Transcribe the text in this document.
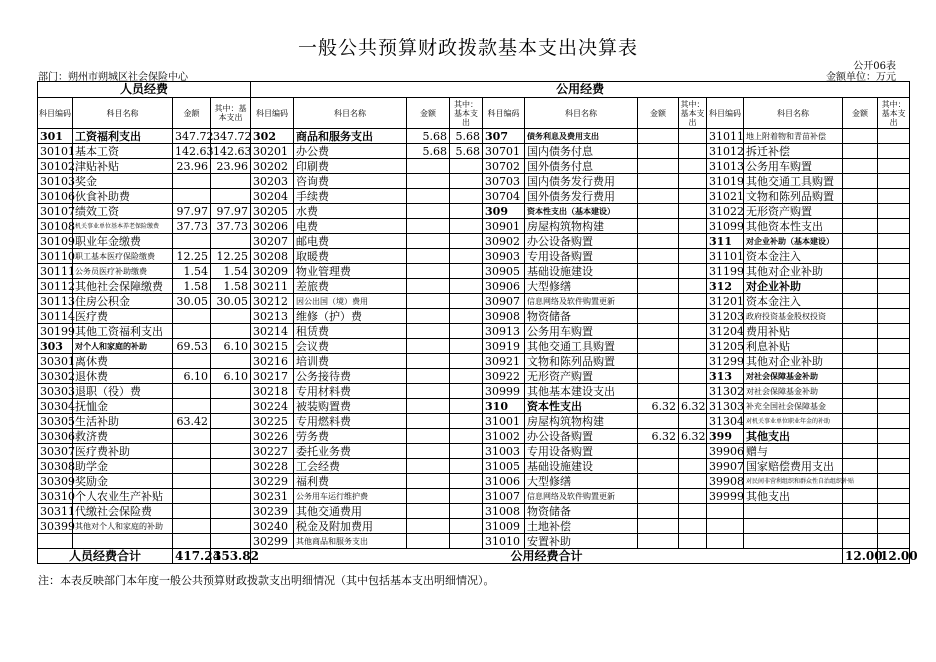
一般公共预算财政拨款基本支出决算表
公开06表
部门：朔州市朔城区社会保险中心	金额单位：万元
人员经费				公用经费											
科目编码	科目名称	金额	其中：基本支出	科目编码	科目名称	金额	其中：基本支出	科目编码	科目名称	金额	其中：基本支出	科目编码	科目名称	金额	其中：基本支出
301	工资福利支出	347.72	347.72	302	商品和服务支出	5.68	5.68	307	债务利息及费用支出			31011	地上附着物和青苗补偿		
30101	基本工资	142.63	142.63	30201	办公费	5.68	5.68	30701	国内债务付息			31012	拆迁补偿		
30102	津贴补贴	23.96	23.96	30202	印刷费			30702	国外债务付息			31013	公务用车购置		
30103	奖金			30203	咨询费			30703	国内债务发行费用			31019	其他交通工具购置		
30106	伙食补助费			30204	手续费			30704	国外债务发行费用			31021	文物和陈列品购置		
30107	绩效工资	97.97	97.97	30205	水费			309	资本性支出（基本建设）			31022	无形资产购置		
30108	机关事业单位基本养老保险缴费	37.73	37.73	30206	电费			30901	房屋构筑物构建			31099	其他资本性支出		
30109	职业年金缴费			30207	邮电费			30902	办公设备购置			311	对企业补助（基本建设）		
30110	职工基本医疗保险缴费	12.25	12.25	30208	取暖费			30903	专用设备购置			31101	资本金注入		
30111	公务员医疗补助缴费	1.54	1.54	30209	物业管理费			30905	基础设施建设			31199	其他对企业补助		
30112	其他社会保障缴费	1.58	1.58	30211	差旅费			30906	大型修缮			312	对企业补助		
30113	住房公积金	30.05	30.05	30212	因公出国（境）费用			30907	信息网络及软件购置更新			31201	资本金注入		
30114	医疗费			30213	维修（护）费			30908	物资储备			31203	政府投资基金股权投资		
30199	其他工资福利支出			30214	租赁费			30913	公务用车购置			31204	费用补贴		
303	对个人和家庭的补助	69.53	6.10	30215	会议费			30919	其他交通工具购置			31205	利息补贴		
30301	离休费			30216	培训费			30921	文物和陈列品购置			31299	其他对企业补助		
30302	退休费	6.10	6.10	30217	公务接待费			30922	无形资产购置			313	对社会保障基金补助		
30303	退职（役）费			30218	专用材料费			30999	其他基本建设支出			31302	对社会保障基金补助		
30304	抚恤金			30224	被装购置费			310	资本性支出	6.32	6.32	31303	补充全国社会保障基金		
30305	生活补助	63.42		30225	专用燃料费			31001	房屋构筑物构建			31304	对机关事业单位职业年金的补助		
30306	救济费			30226	劳务费			31002	办公设备购置	6.32	6.32	399	其他支出		
30307	医疗费补助			30227	委托业务费			31003	专用设备购置			39906	赠与		
30308	助学金			30228	工会经费			31005	基础设施建设			39907	国家赔偿费用支出		
30309	奖励金			30229	福利费			31006	大型修缮			39908	对民间非营利组织和群众性自治组织补贴		
30310	个人农业生产补贴			30231	公务用车运行维护费			31007	信息网络及软件购置更新			39999	其他支出		
30311	代缴社会保险费			30239	其他交通费用			31008	物资储备						
30399	其他对个人和家庭的补助			30240	税金及附加费用			31009	土地补偿						
				30299	其他商品和服务支出			31010	安置补助						
人员经费合计		417.24	353.82	公用经费合计										12.00	12.00
注：本表反映部门本年度一般公共预算财政拨款支出明细情况（其中包括基本支出明细情况）。
